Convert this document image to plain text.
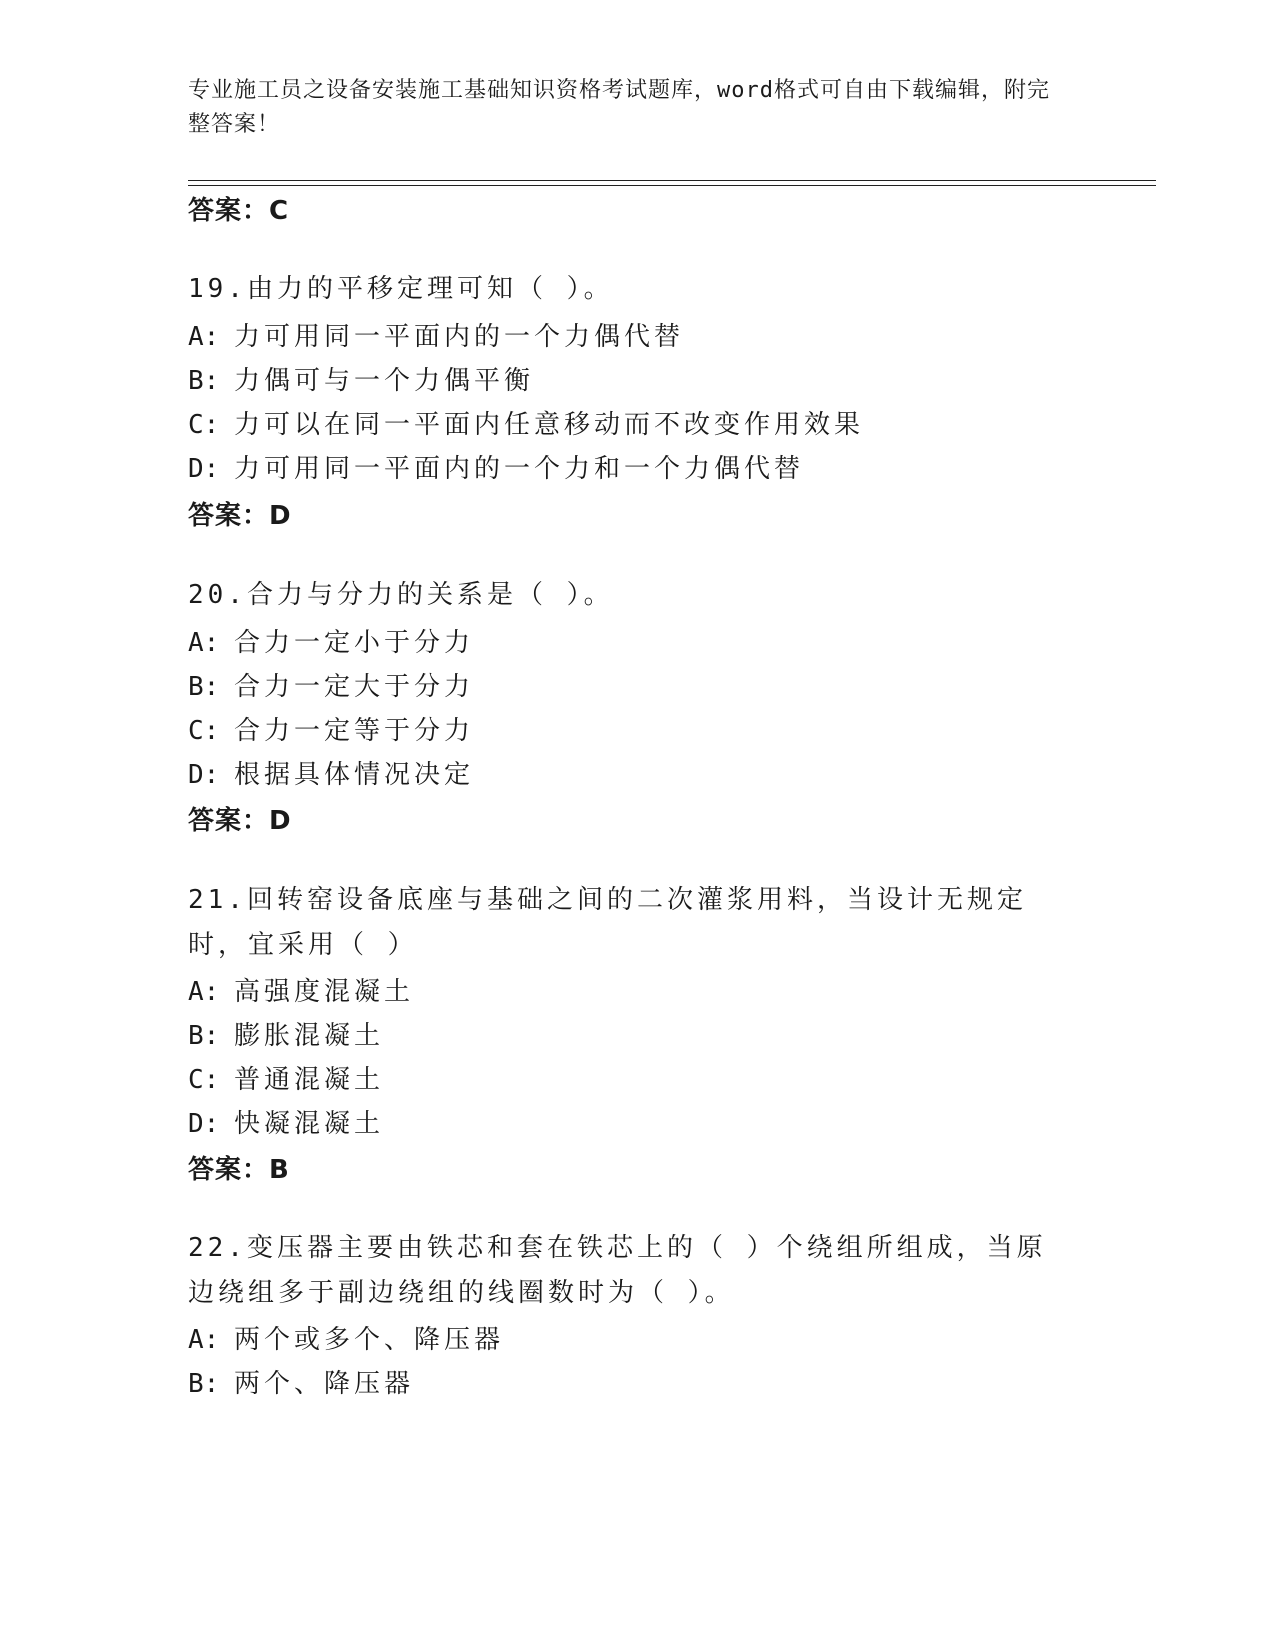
专业施工员之设备安装施工基础知识资格考试题库，word格式可自由下载编辑，附完整答案！
答案：C
19.由力的平移定理可知（ ）。
A: 力可用同一平面内的一个力偶代替
B: 力偶可与一个力偶平衡
C: 力可以在同一平面内任意移动而不改变作用效果
D: 力可用同一平面内的一个力和一个力偶代替
答案：D
20.合力与分力的关系是（ ）。
A: 合力一定小于分力
B: 合力一定大于分力
C: 合力一定等于分力
D: 根据具体情况决定
答案：D
21.回转窑设备底座与基础之间的二次灌浆用料，当设计无规定时，宜采用（ ）
A: 高强度混凝土
B: 膨胀混凝土
C: 普通混凝土
D: 快凝混凝土
答案：B
22.变压器主要由铁芯和套在铁芯上的（ ）个绕组所组成，当原边绕组多于副边绕组的线圈数时为（ ）。
A: 两个或多个、降压器
B: 两个、降压器
